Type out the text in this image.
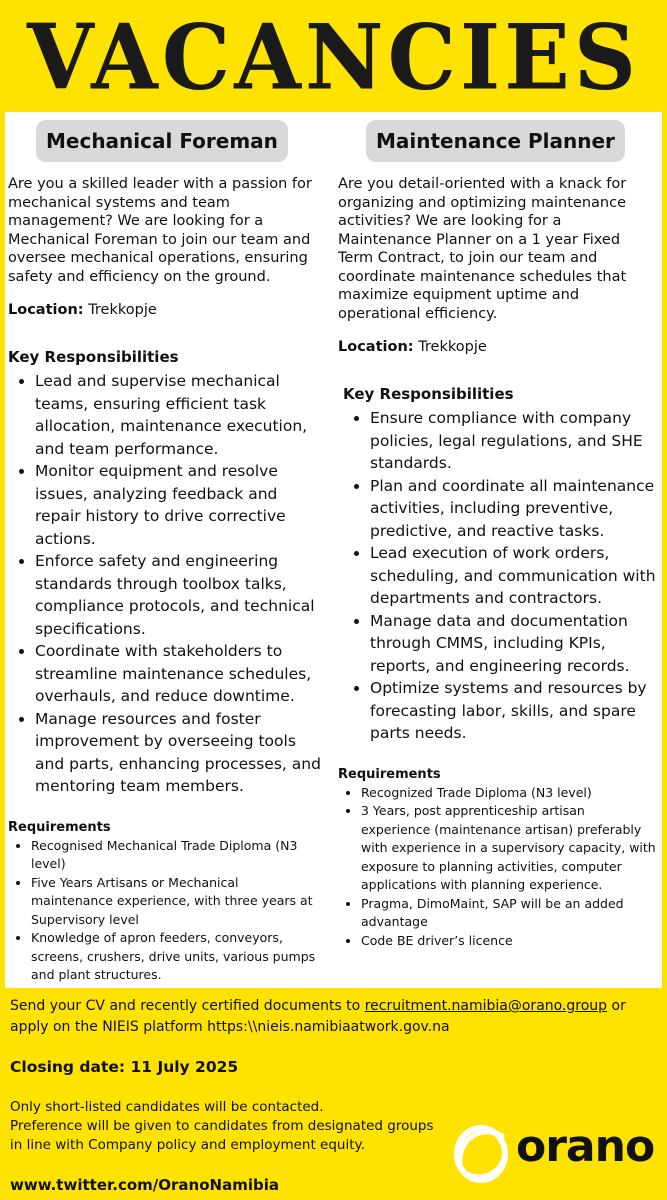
VACANCIES
Mechanical Foreman

Are you a skilled leader with a passion for mechanical systems and team management? We are looking for a Mechanical Foreman to join our team and oversee mechanical operations, ensuring safety and efficiency on the ground.

Location: Trekkopje

Key Responsibilities
• Lead and supervise mechanical teams, ensuring efficient task allocation, maintenance execution, and team performance.
• Monitor equipment and resolve issues, analyzing feedback and repair history to drive corrective actions.
• Enforce safety and engineering standards through toolbox talks, compliance protocols, and technical specifications.
• Coordinate with stakeholders to streamline maintenance schedules, overhauls, and reduce downtime.
• Manage resources and foster improvement by overseeing tools and parts, enhancing processes, and mentoring team members.
Requirements
• Recognised Mechanical Trade Diploma (N3 level)
• Five Years Artisans or Mechanical maintenance experience, with three years at Supervisory level
• Knowledge of apron feeders, conveyors, screens, crushers, drive units, various pumps and plant structures.
•
Maintenance Planner

Are you detail-oriented with a knack for organizing and optimizing maintenance activities? We are looking for a Maintenance Planner on a 1 year Fixed Term Contract, to join our team and coordinate maintenance schedules that maximize equipment uptime and operational efficiency.

Location: Trekkopje

Key Responsibilities
• Ensure compliance with company policies, legal regulations, and SHE standards.
• Plan and coordinate all maintenance activities, including preventive, predictive, and reactive tasks.
• Lead execution of work orders, scheduling, and communication with departments and contractors.
• Manage data and documentation through CMMS, including KPIs, reports, and engineering records.
• Optimize systems and resources by forecasting labor, skills, and spare parts needs.
Requirements
• Recognized Trade Diploma (N3 level)
• 3 Years, post apprenticeship artisan experience (maintenance artisan) preferably with experience in a supervisory capacity, with exposure to planning activities, computer applications with planning experience.
• Pragma, DimoMaint, SAP will be an added advantage
• Code BE driver’s licence
Send your CV and recently certified documents to recruitment.namibia@orano.group or apply on the NIEIS platform https:\\nieis.namibiaatwork.gov.na
Closing date: 11 July 2025
Only short-listed candidates will be contacted.
Preference will be given to candidates from designated groups in line with Company policy and employment equity.
www.twitter.com/OranoNamibia
orano
